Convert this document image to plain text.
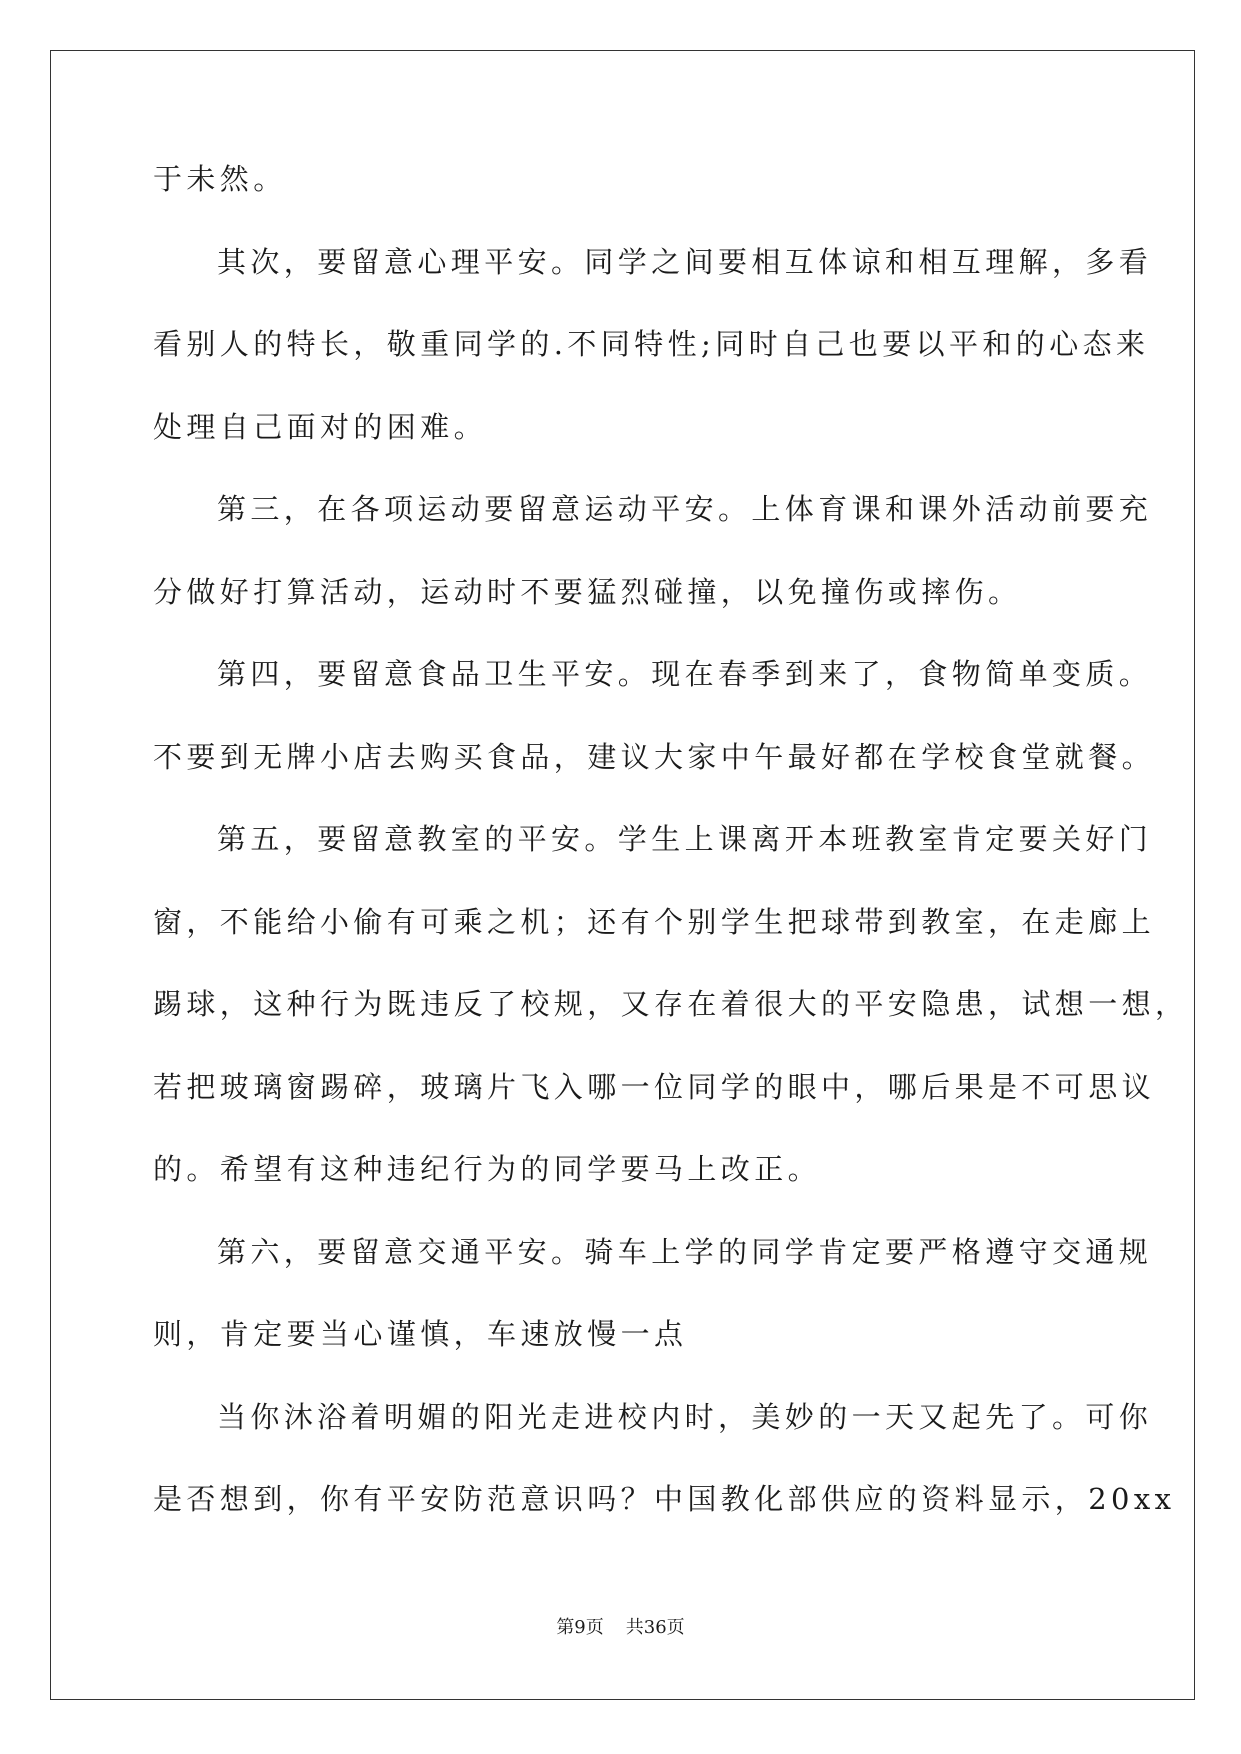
于未然。
其次，要留意心理平安。同学之间要相互体谅和相互理解，多看
看别人的特长，敬重同学的.不同特性;同时自己也要以平和的心态来
处理自己面对的困难。
第三，在各项运动要留意运动平安。上体育课和课外活动前要充
分做好打算活动，运动时不要猛烈碰撞，以免撞伤或摔伤。
第四，要留意食品卫生平安。现在春季到来了，食物简单变质。
不要到无牌小店去购买食品，建议大家中午最好都在学校食堂就餐。
第五，要留意教室的平安。学生上课离开本班教室肯定要关好门
窗，不能给小偷有可乘之机；还有个别学生把球带到教室，在走廊上
踢球，这种行为既违反了校规，又存在着很大的平安隐患，试想一想，
若把玻璃窗踢碎，玻璃片飞入哪一位同学的眼中，哪后果是不可思议
的。希望有这种违纪行为的同学要马上改正。
第六，要留意交通平安。骑车上学的同学肯定要严格遵守交通规
则，肯定要当心谨慎，车速放慢一点
当你沐浴着明媚的阳光走进校内时，美妙的一天又起先了。可你
是否想到，你有平安防范意识吗？中国教化部供应的资料显示，20xx
第9页 共36页
